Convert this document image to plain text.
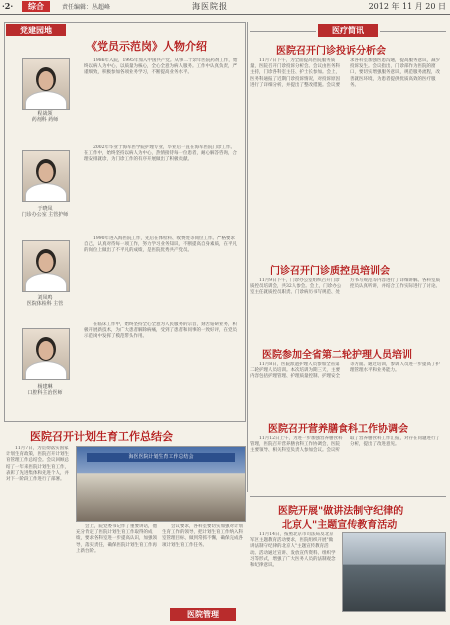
·2·	综合	责任编辑：丛超峰	海医院报	2012 年 11 月 20 日
党建园地
《党员示范岗》人物介绍
程战领
药剂科 药师
于晓凤
门诊办公室 主管护师
刘凤鸣
医院体检科 主管
杨建琳
口腔科主治医师

1986年入院，1995年加入中国共产党。从事二十余年医院药剂工作，始终以病人为中心，以质量为核心，全心全意为病人服务。工作中认真负责，严谨细致，积极参加各项业务学习，不断提高业务水平。

2002年毕业于海军医学院护理专业，毕业后一直在海军医院门诊工作。在工作中，始终坚持以病人为中心，热情接待每一位患者，耐心解答咨询，合理安排就诊，为门诊工作的有序开展做出了积极贡献。

1990年进入海医院工作，先后在体检科、收费处等岗位工作。严格要求自己，认真对待每一项工作，努力学习业务知识，不断提高自身素质，在平凡的岗位上做出了不平凡的成绩，是医院优秀共产党员。

在临床工作中，始终坚持全心全意为人民服务的宗旨，刻苦钻研业务，积极开展新技术，为广大患者解除病痛，受到了患者和同事的一致好评，在党员示范岗中发挥了模范带头作用。

医疗简讯
医院召开门诊投诉分析会

11月7日下午，为全面提高医院服务质量，医院召开门诊投诉分析会。会议由医务科主持，门诊各科室主任、护士长参加。会上，医务科通报了近期门诊投诉情况，对投诉原因进行了详细分析，并提出了整改措施。会议要求各科室加强医患沟通，提高服务意识，减少投诉发生。会议指出，门诊部作为医院的窗口，要切实增强服务意识，规范服务流程，改善就医环境，为患者提供优质高效的医疗服务。

门诊召开门诊质控员培训会

11月9日下午，门诊办公室组织召开门诊质控员培训会，共32人参会。会上，门诊办公室主任就质控员职责、门诊病历书写规范、处方书写规范等内容进行了详细讲解。各科室质控员认真听讲，并结合工作实际进行了讨论。

医院参加全省第二轮护理人员培训

11月8日，医院派遣护理人员参加全省第二轮护理人员培训。本次培训为期三天，主要内容包括护理管理、护理质量控制、护理安全等方面。通过培训，参训人员进一步提高了护理管理水平和业务能力。

医院召开营养膳食科工作协调会

11月12日上午，为进一步加强营养膳食科管理，医院召开营养膳食科工作协调会，医院主要领导、相关科室负责人参加会议。会议听取了营养膳食科工作汇报，对存在问题进行了分析，提出了改进意见。

医院召开计划生育工作总结会

11月7日，为贯彻落实国家计划生育政策，医院召开计划生育管理工作总结会。会议回顾总结了一年来医院计划生育工作，表彰了先进集体和先进个人，并对下一阶段工作进行了部署。

海医医院计划生育工作总结会

会上，院党委书记作了重要讲话，他充分肯定了医院计划生育工作取得的成绩，要求各科室进一步提高认识，加强领导，落实责任，确保医院计划生育工作再上新台阶。

会议要求，各科室要切实加强对计划生育工作的领导，把计划生育工作纳入科室管理目标，做到常抓不懈，确保完成各项计划生育工作任务。

医院管理
医院开展"做讲法制守纪律的
北京人"主题宣传教育活动

11月14日，按照北京市司法局及北京军区主题教育活动要求，医院组织开展"做讲法制守纪律的北京人"主题宣传教育活动。活动通过宣讲、发放宣传资料、组织学习等形式，增强了广大医务人员的法制观念和纪律意识。
